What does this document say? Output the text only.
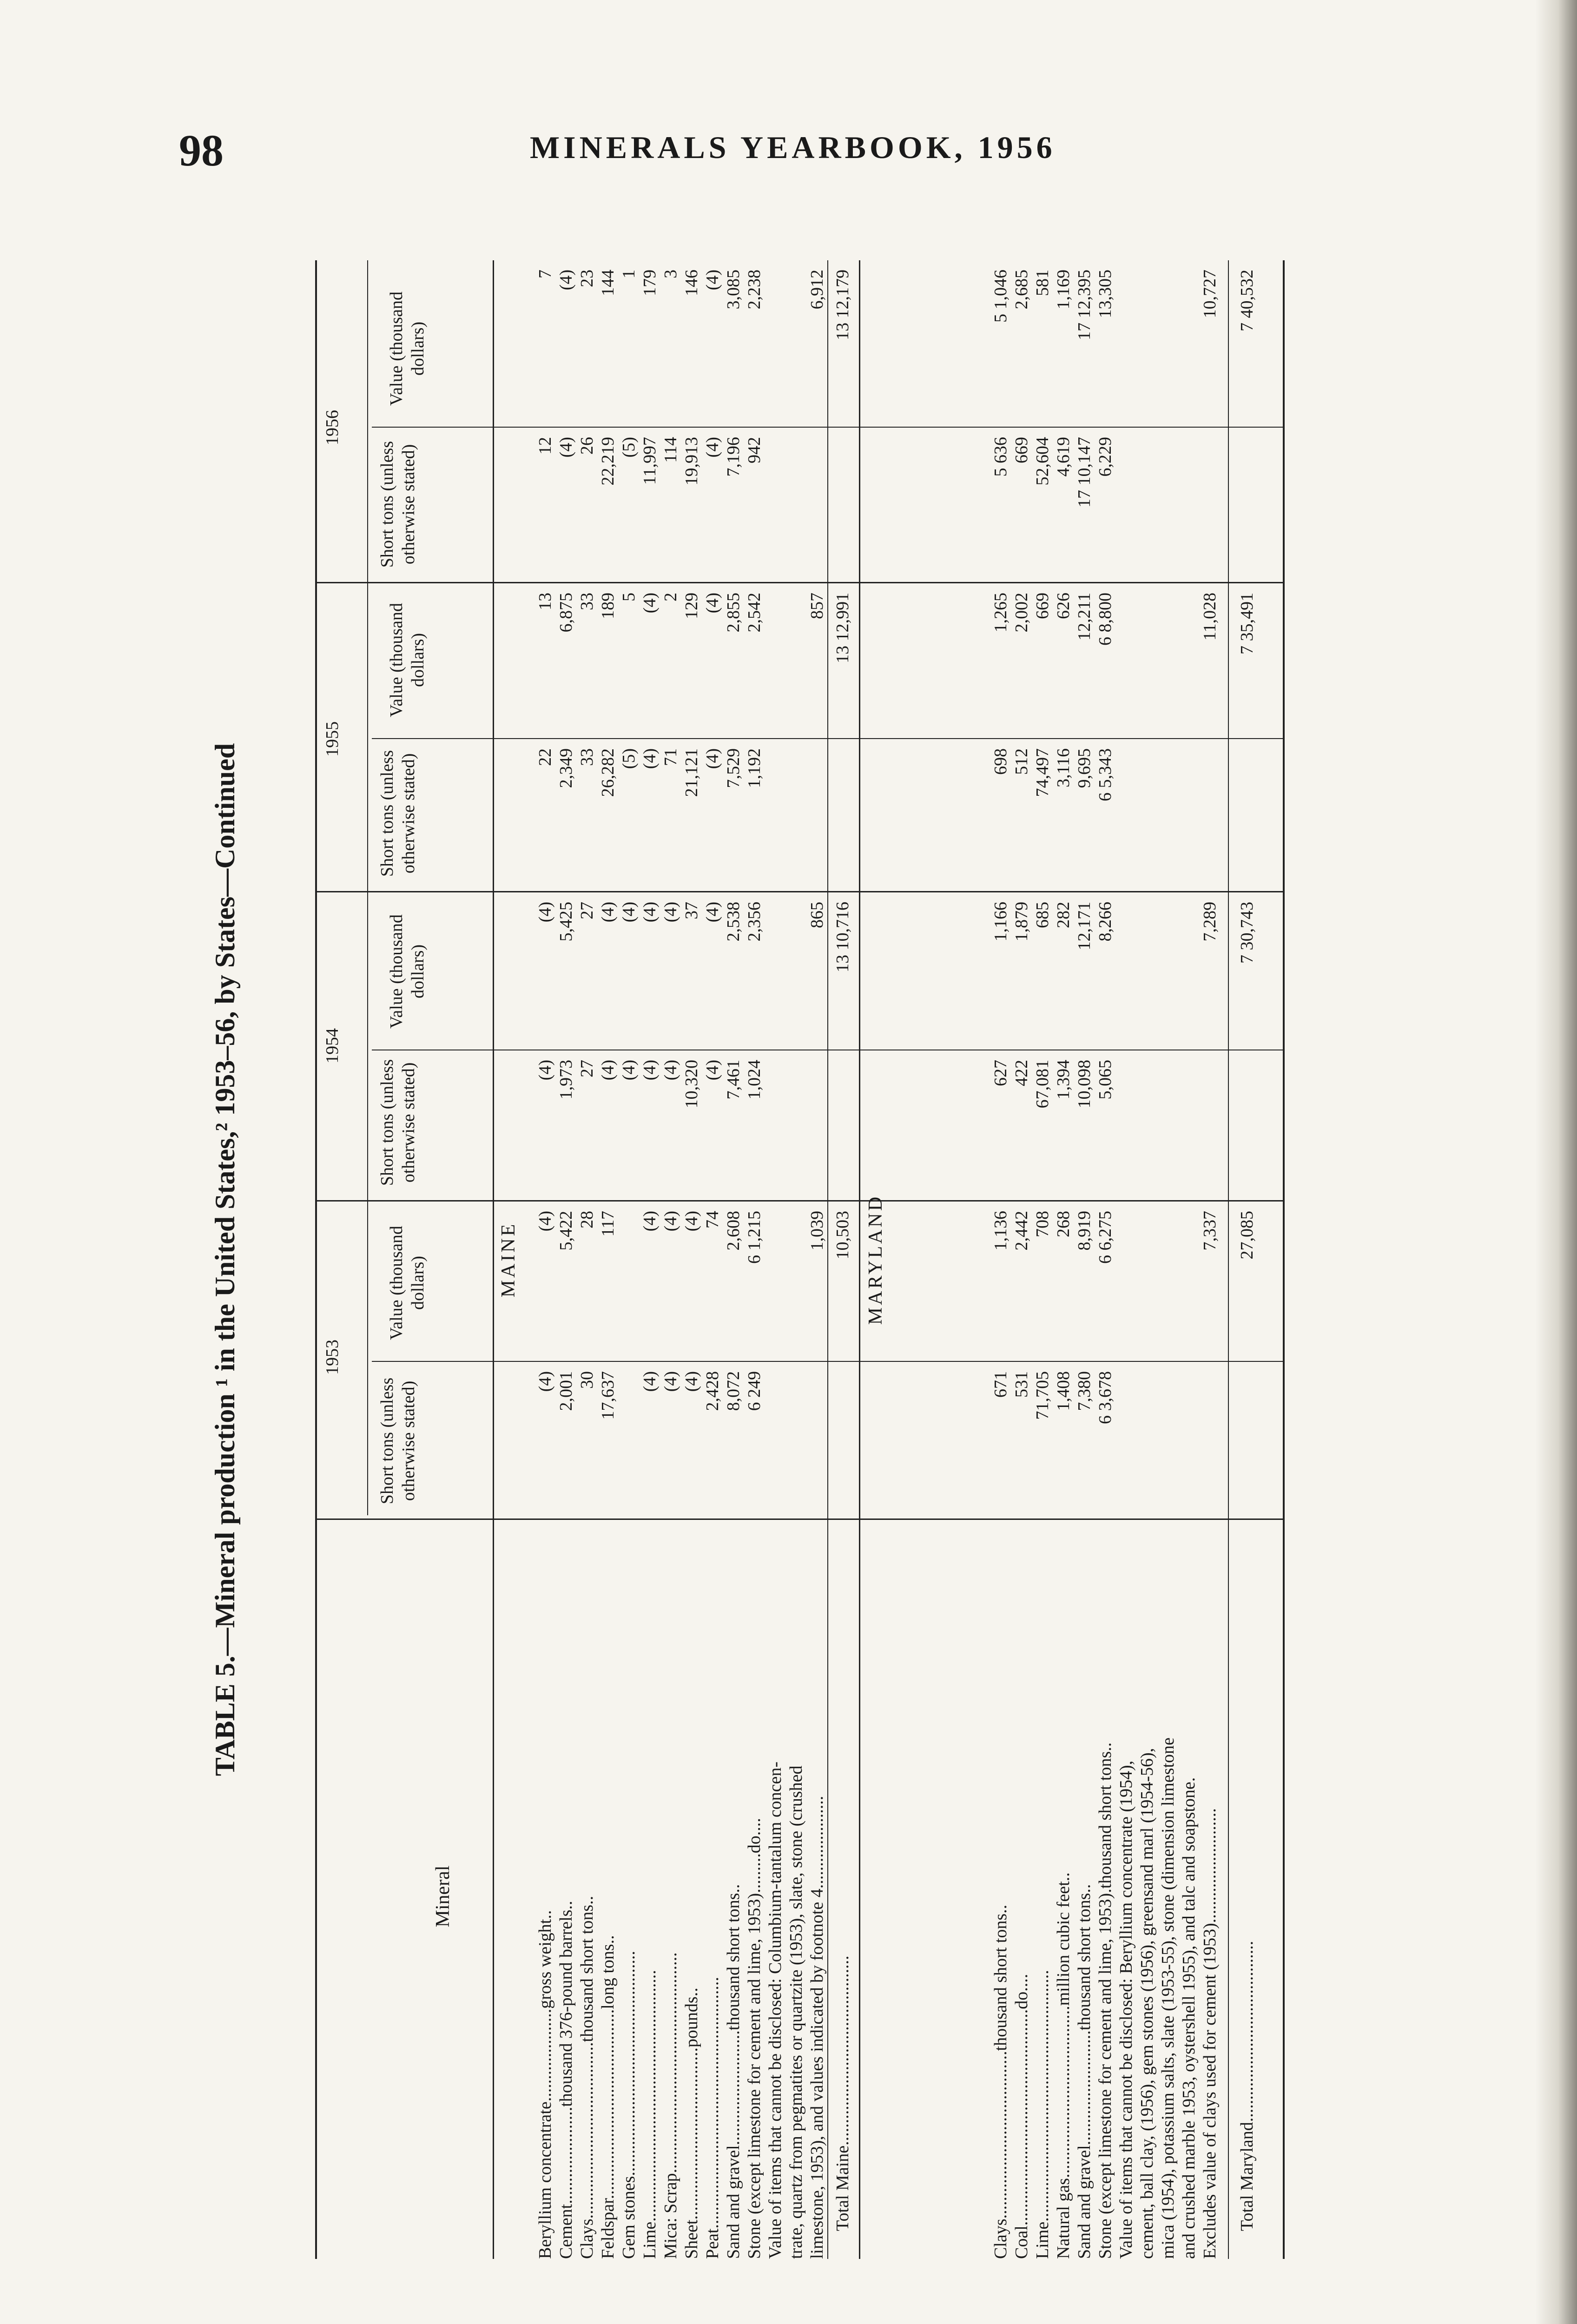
98	MINERALS YEARBOOK, 1956
TABLE 5.—Mineral production ¹ in the United States,² 1953–56, by States—Continued
Mineral
1953
1954
1955
1956
Short tons (unless otherwise stated)
Value (thousand dollars)
Short tons (unless otherwise stated)
Value (thousand dollars)
Short tons (unless otherwise stated)
Value (thousand dollars)
Short tons (unless otherwise stated)
Value (thousand dollars)
MAINE	MARYLAND
Beryllium concentrate.....................gross weight..
(4)
(4)
(4)
(4)
22
13
12
7
Cement......................thousand 376-pound barrels..
2,001
5,422
1,973
5,425
2,349
6,875
(4)
(4)
Clays........................................thousand short tons..
30
28
27
27
33
33
26
23
Feldspar...........................................long tons..
17,637
117
(4)
(4)
26,282
189
22,219
144
Gem stones...................................................
(4)
(4)
(5)
5
(5)
1
Lime.........................................................
(4)
(4)
(4)
(4)
(4)
(4)
11,997
179
Mica: Scrap..................................................
(4)
(4)
(4)
(4)
71
2
114
3
Sheet.......................................pounds..
(4)
(4)
10,320
37
21,121
129
19,913
146
Peat.........................................................
2,428
74
(4)
(4)
(4)
(4)
(4)
(4)
Sand and gravel..........................thousand short tons..
8,072
2,608
7,461
2,538
7,529
2,855
7,196
3,085
Stone (except limestone for cement and lime, 1953).........do....
6 249
6 1,215
1,024
2,356
1,192
2,542
942
2,238
Value of items that cannot be disclosed: Columbium-tantalum concen- trate, quartz from pegmatites or quartzite (1953), slate, stone (crushed limestone, 1953), and values indicated by footnote 4.....................
1,039
865
857
6,912
Total Maine...........................................
10,503
13 10,716
13 12,991
13 12,179
Clays......................................thousand short tons..
671
1,136
627
1,166
698
1,265
5 636
5 1,046
Coal.................................................do....
531
2,442
422
1,879
512
2,002
669
2,685
Lime.........................................................
71,705
708
67,081
685
74,497
669
52,604
581
Natural gas.......................................million cubic feet..
1,408
268
1,394
282
3,116
626
4,619
1,169
Sand and gravel..........................thousand short tons..
7,380
8,919
10,098
12,171
9,695
12,211
17 10,147
17 12,395
Stone (except limestone for cement and lime, 1953).thousand short tons..
6 3,678
6 6,275
5,065
8,266
6 5,343
6 8,800
6,229
13,305
Value of items that cannot be disclosed: Beryllium concentrate (1954), cement, ball clay, (1956), gem stones (1956), greensand marl (1954-56), mica (1954), potassium salts, slate (1953-55), stone (dimension limestone and crushed marble 1953, oystershell 1955), and talc and soapstone. Excludes value of clays used for cement (1953)..........................
7,337
7,289
11,028
10,727
Total Maryland.........................................
27,085
7 30,743
7 35,491
7 40,532
